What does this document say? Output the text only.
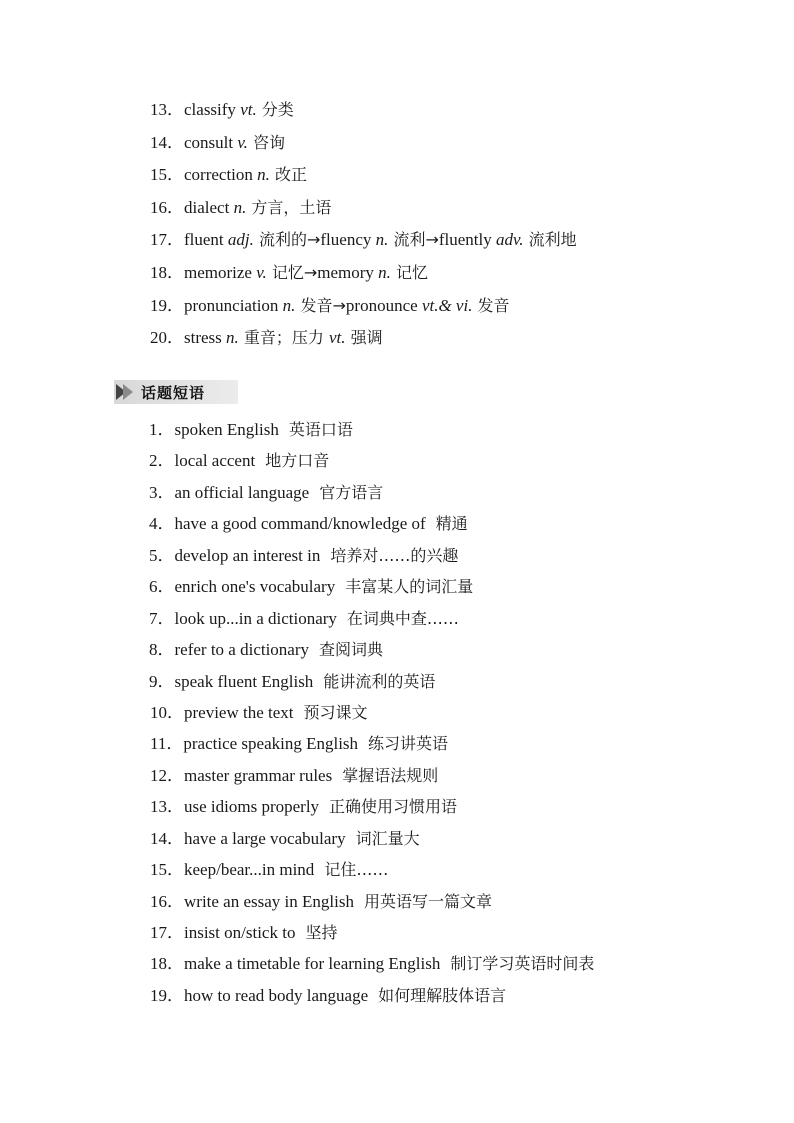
13．classify vt. 分类
14．consult v. 咨询
15．correction n. 改正
16．dialect n. 方言，土语
17．fluent adj. 流利的→fluency n. 流利→fluently adv. 流利地
18．memorize v. 记忆→memory n. 记忆
19．pronunciation n. 发音→pronounce vt.& vi. 发音
20．stress n. 重音；压力 vt. 强调
话题短语
1．spoken English 英语口语
2．local accent 地方口音
3．an official language 官方语言
4．have a good command/knowledge of 精通
5．develop an interest in 培养对……的兴趣
6．enrich one's vocabulary 丰富某人的词汇量
7．look up...in a dictionary 在词典中查……
8．refer to a dictionary 查阅词典
9．speak fluent English 能讲流利的英语
10．preview the text 预习课文
11．practice speaking English 练习讲英语
12．master grammar rules 掌握语法规则
13．use idioms properly 正确使用习惯用语
14．have a large vocabulary 词汇量大
15．keep/bear...in mind 记住……
16．write an essay in English 用英语写一篇文章
17．insist on/stick to 坚持
18．make a timetable for learning English 制订学习英语时间表
19．how to read body language 如何理解肢体语言
